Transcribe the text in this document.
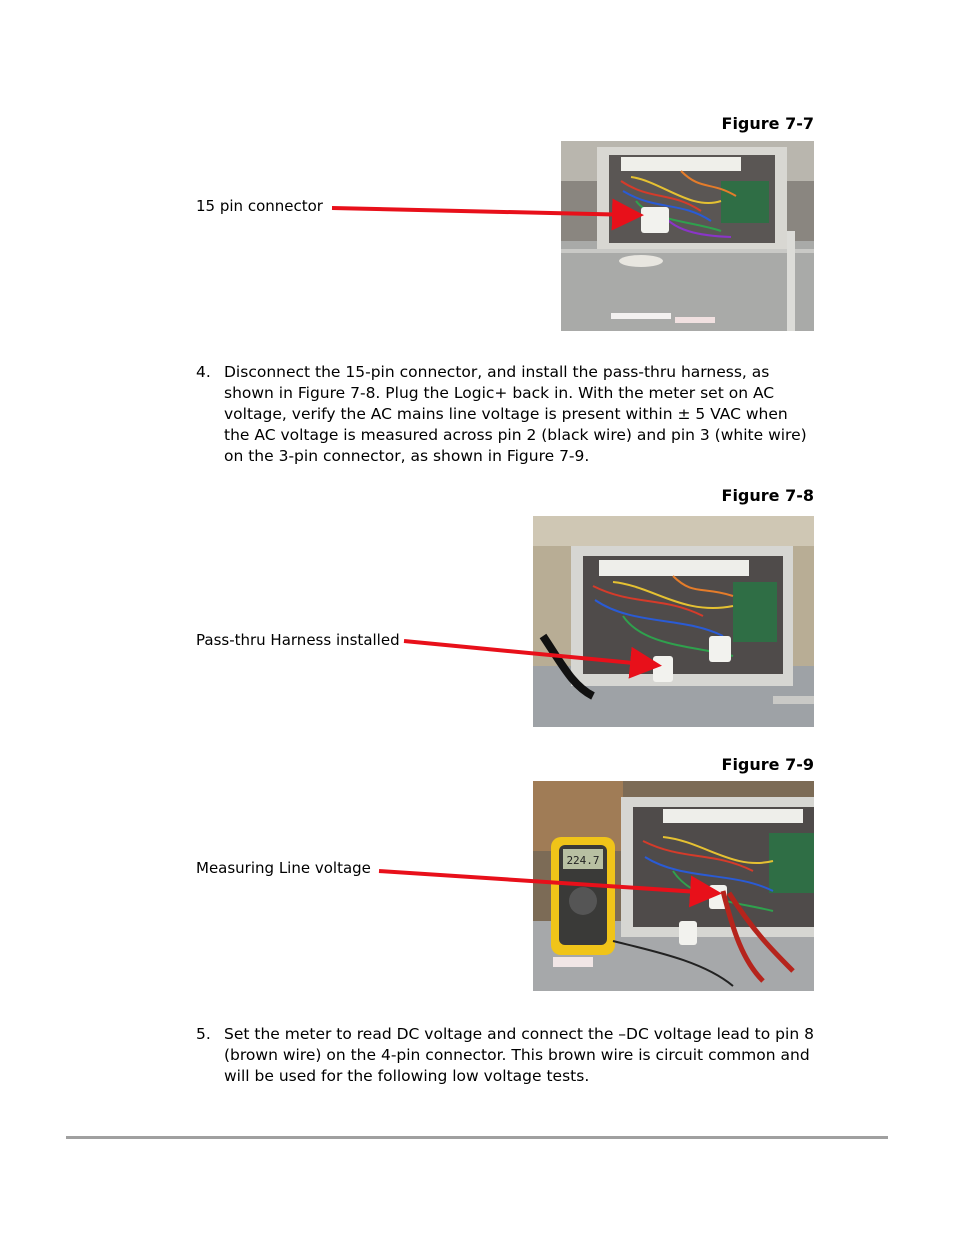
Figure 7-7
15 pin connector
4. Disconnect the 15-pin connector, and install the pass-thru harness, as shown in Figure 7-8. Plug the Logic+ back in. With the meter set on AC voltage, verify the AC mains line voltage is present within ± 5 VAC when the AC voltage is measured across pin 2 (black wire) and pin 3 (white wire) on the 3-pin connector, as shown in Figure 7-9.
Figure 7-8
Pass-thru Harness installed
Figure 7-9
Measuring Line voltage	224.7
5. Set the meter to read DC voltage and connect the –DC voltage lead to pin 8 (brown wire) on the 4-pin connector. This brown wire is circuit common and will be used for the following low voltage tests.
